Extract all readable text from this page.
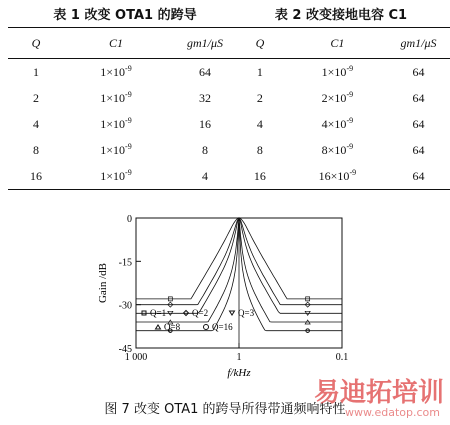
表 1 改变 OTA1 的跨导
Q	C1	gm1/μS
1	$1\times 10^{-9}$	64
2	$1\times 10^{-9}$	32
4	$1\times 10^{-9}$	16
8	$1\times 10^{-9}$	8
16	$1\times 10^{-9}$	4
表 2 改变接地电容 C1
Q	C1	gm1/μS
1	$1\times 10^{-9}$	64
2	$2\times 10^{-9}$	64
4	$4\times 10^{-9}$	64
8	$8\times 10^{-9}$	64
16	$16\times 10^{-9}$	64
0
-15
-30
-45
1 000	1	0.1
f/kHz
Gain /dB
Q=1	Q=2	Q=3
Q=8	Q=16
图 7 改变 OTA1 的跨导所得带通频响特性
易迪拓培训
www.edatop.com
